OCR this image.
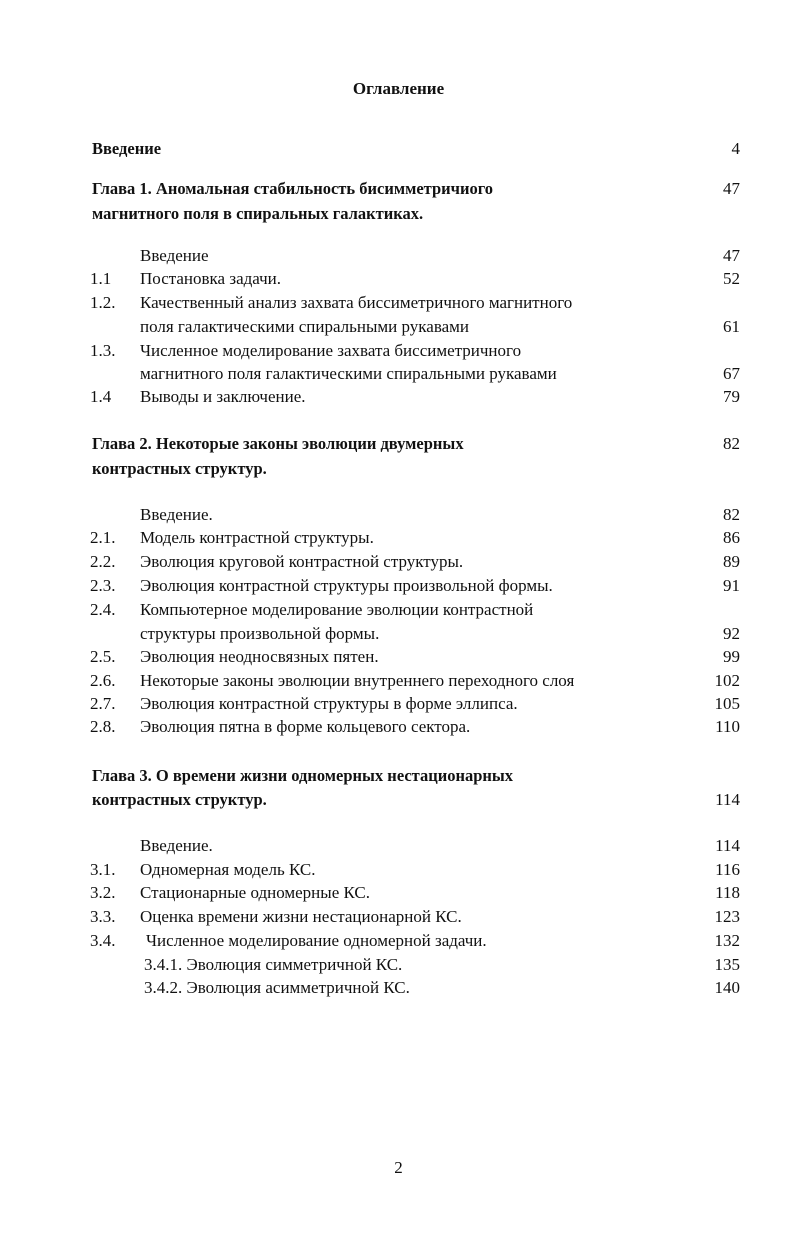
Оглавление
Введение	4
Глава 1. Аномальная стабильность бисимметричиого	47
магнитного поля в спиральных галактиках.
Введение	47
1.1 Постановка задачи.	52
1.2. Качественный анализ захвата биссиметричного магнитного
поля галактическими спиральными рукавами	61
1.3. Численное моделирование захвата биссиметричного
магнитного поля галактическими спиральными рукавами	67
1.4 Выводы и заключение.	79
Глава 2. Некоторые законы эволюции двумерных	82
контрастных структур.
Введение.	82
2.1. Модель контрастной структуры.	86
2.2. Эволюция круговой контрастной структуры.	89
2.3. Эволюция контрастной структуры произвольной формы.	91
2.4. Компьютерное моделирование эволюции контрастной
структуры произвольной формы.	92
2.5. Эволюция неодносвязных пятен.	99
2.6. Некоторые законы эволюции внутреннего переходного слоя	102
2.7. Эволюция контрастной структуры в форме эллипса.	105
2.8. Эволюция пятна в форме кольцевого сектора.	110
Глава 3. О времени жизни одномерных нестационарных
контрастных структур.	114
Введение.	114
3.1. Одномерная модель КС.	116
3.2. Стационарные одномерные КС.	118
3.3. Оценка времени жизни нестационарной КС.	123
3.4. Численное моделирование одномерной задачи.	132
3.4.1. Эволюция симметричной КС.	135
3.4.2. Эволюция асимметричной КС.	140
2
